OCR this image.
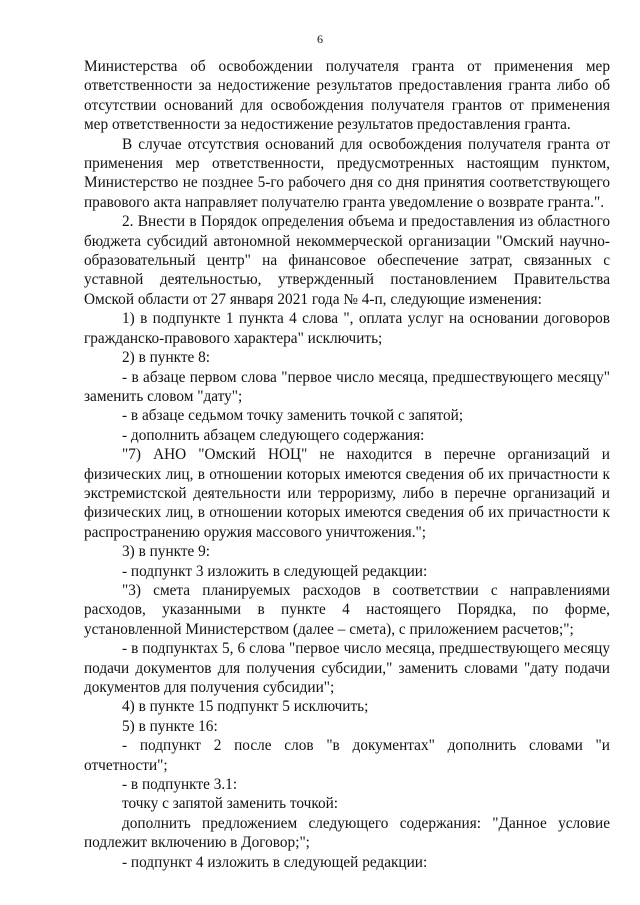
6

Министерства об освобождении получателя гранта от применения мер ответственности за недостижение результатов предоставления гранта либо об отсутствии оснований для освобождения получателя грантов от применения мер ответственности за недостижение результатов предоставления гранта.

В случае отсутствия оснований для освобождения получателя гранта от применения мер ответственности, предусмотренных настоящим пунктом, Министерство не позднее 5-го рабочего дня со дня принятия соответствующего правового акта направляет получателю гранта уведомление о возврате гранта.".

2. Внести в Порядок определения объема и предоставления из областного бюджета субсидий автономной некоммерческой организации "Омский научно-образовательный центр" на финансовое обеспечение затрат, связанных с уставной деятельностью, утвержденный постановлением Правительства Омской области от 27 января 2021 года № 4-п, следующие изменения:

1) в подпункте 1 пункта 4 слова ", оплата услуг на основании договоров гражданско-правового характера" исключить;

2) в пункте 8:

- в абзаце первом слова "первое число месяца, предшествующего месяцу" заменить словом "дату";

- в абзаце седьмом точку заменить точкой с запятой;

- дополнить абзацем следующего содержания:

"7) АНО "Омский НОЦ" не находится в перечне организаций и физических лиц, в отношении которых имеются сведения об их причастности к экстремистской деятельности или терроризму, либо в перечне организаций и физических лиц, в отношении которых имеются сведения об их причастности к распространению оружия массового уничтожения.";

3) в пункте 9:

- подпункт 3 изложить в следующей редакции:

"3) смета планируемых расходов в соответствии с направлениями расходов, указанными в пункте 4 настоящего Порядка, по форме, установленной Министерством (далее – смета), с приложением расчетов;";

- в подпунктах 5, 6 слова "первое число месяца, предшествующего месяцу подачи документов для получения субсидии," заменить словами "дату подачи документов для получения субсидии";

4) в пункте 15 подпункт 5 исключить;

5) в пункте 16:

- подпункт 2 после слов "в документах" дополнить словами "и отчетности";

- в подпункте 3.1:

точку с запятой заменить точкой:

дополнить предложением следующего содержания: "Данное условие подлежит включению в Договор;";

- подпункт 4 изложить в следующей редакции:
